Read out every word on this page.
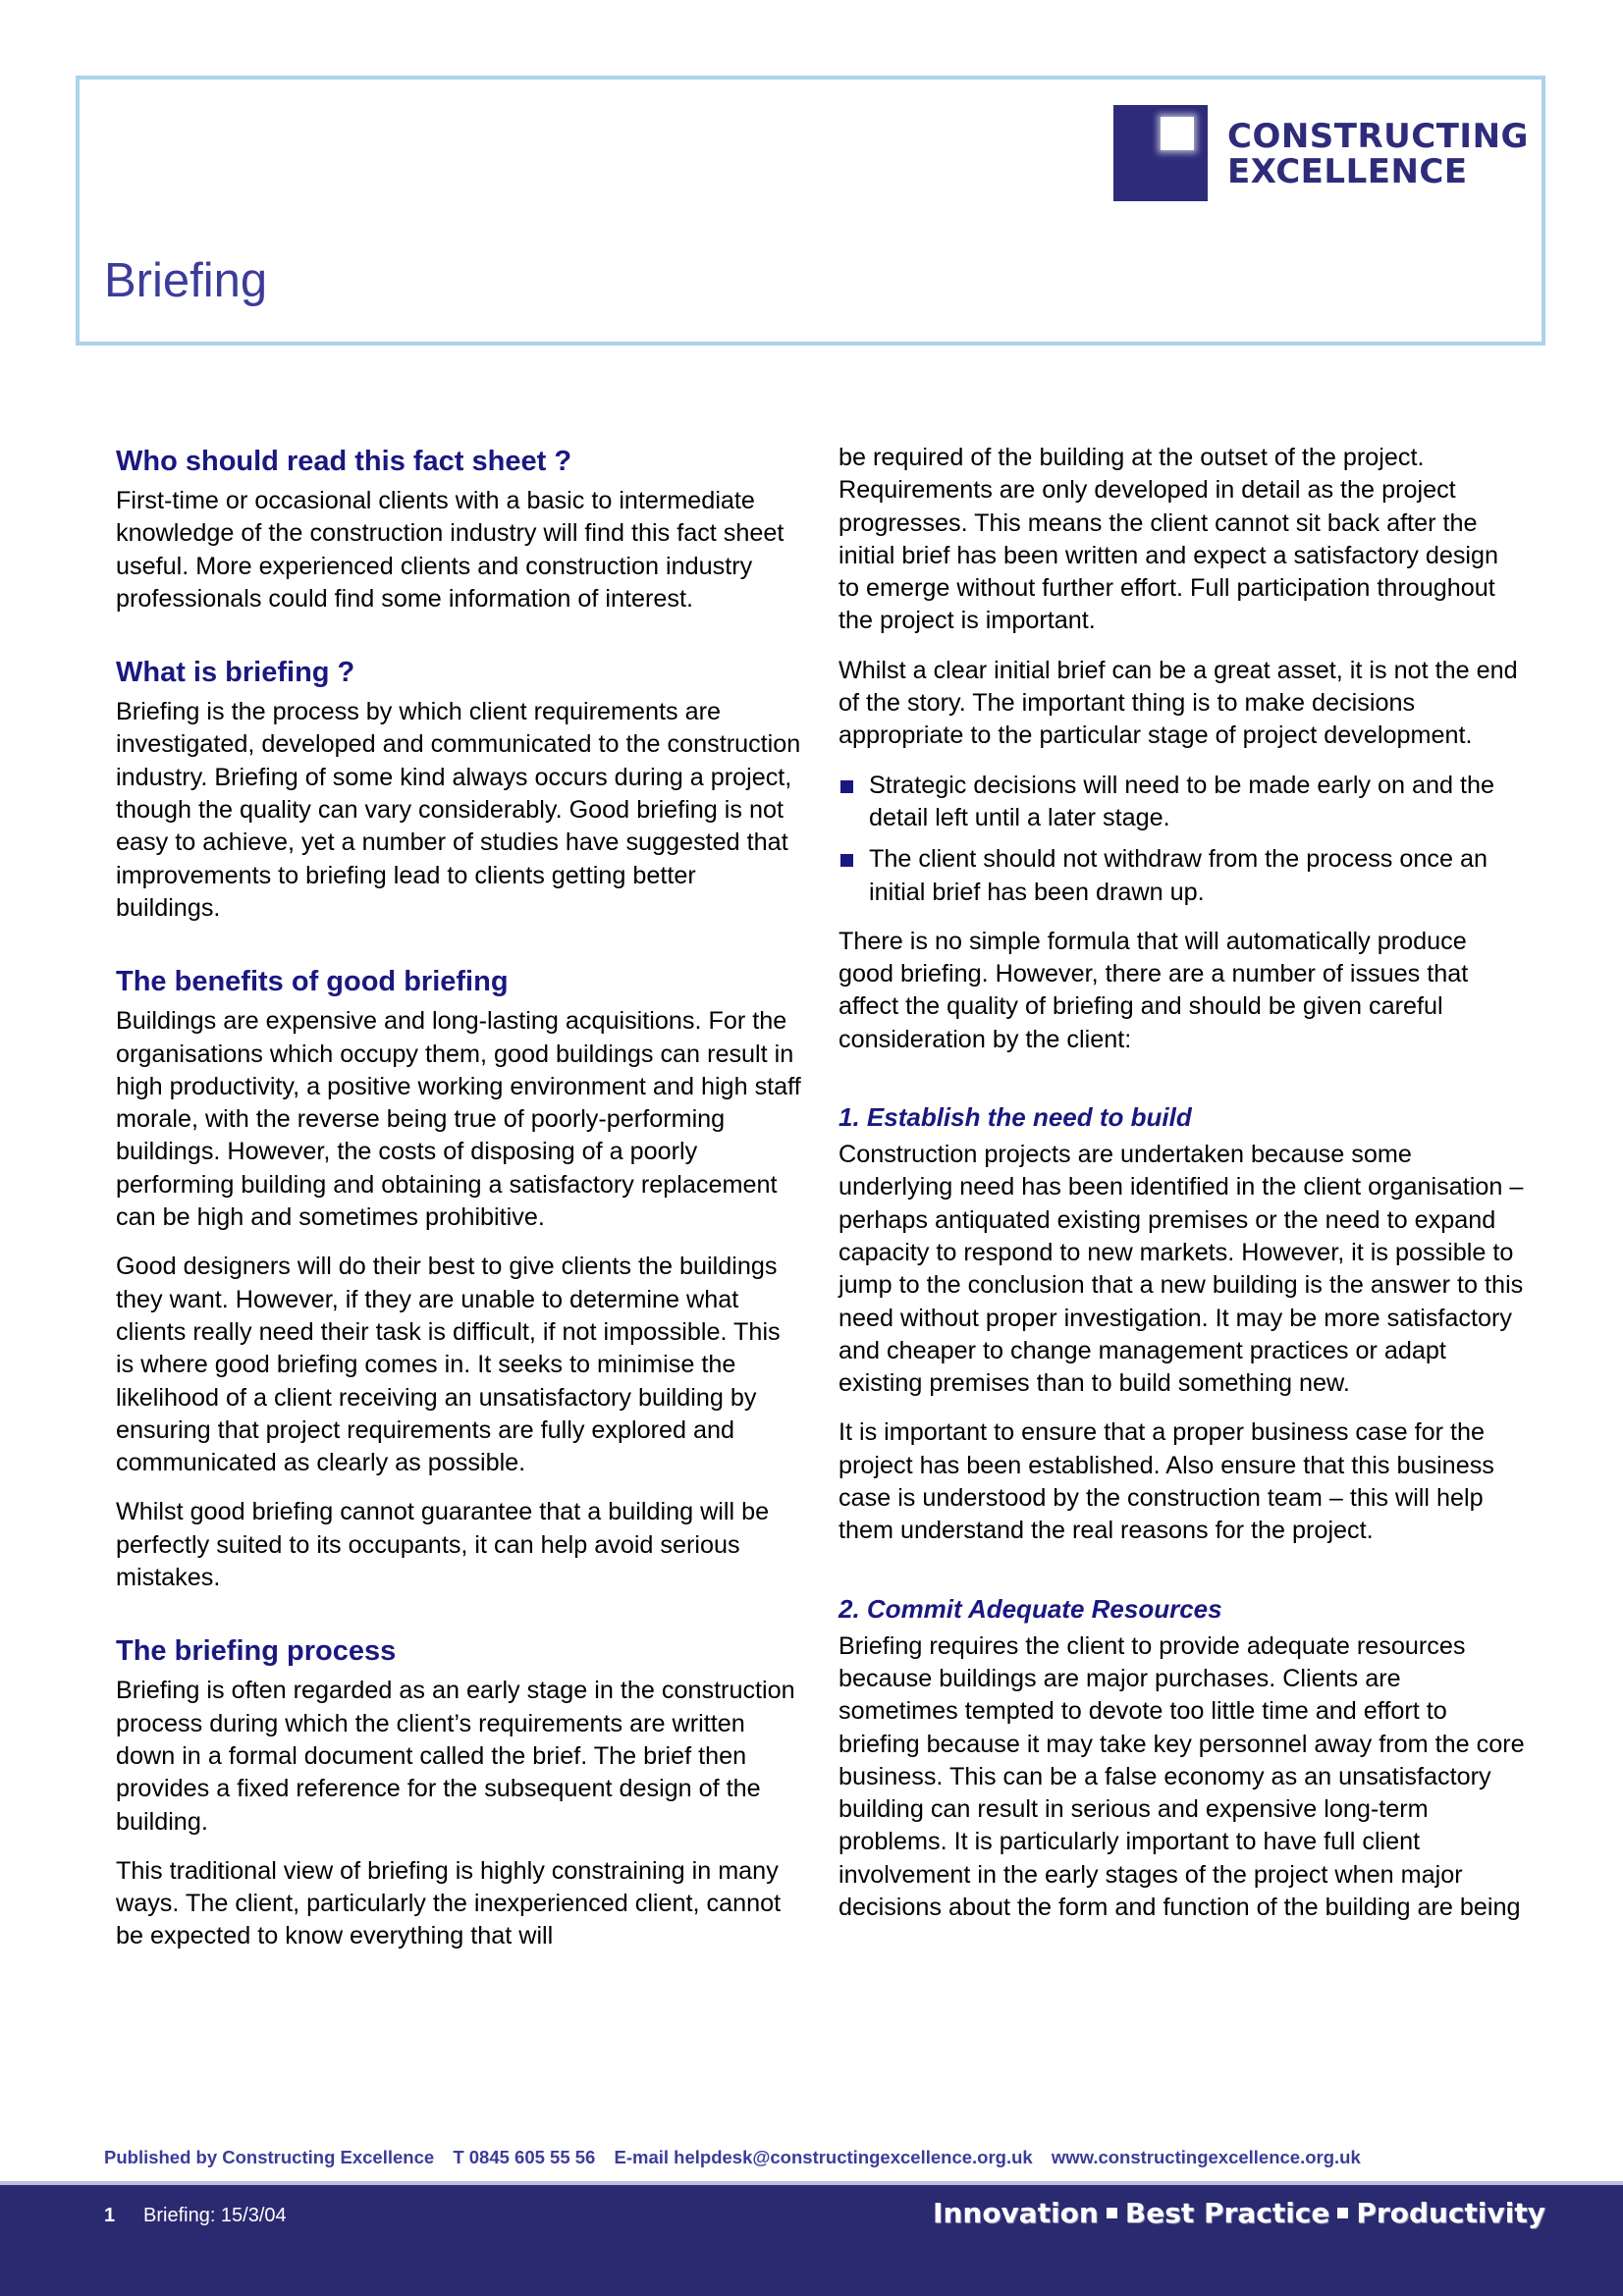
CONSTRUCTING
EXCELLENCE
Briefing
Who should read this fact sheet ?

First-time or occasional clients with a basic to intermediate knowledge of the construction industry will find this fact sheet useful. More experienced clients and construction industry professionals could find some information of interest.

What is briefing ?

Briefing is the process by which client requirements are investigated, developed and communicated to the construction industry. Briefing of some kind always occurs during a project, though the quality can vary considerably. Good briefing is not easy to achieve, yet a number of studies have suggested that improvements to briefing lead to clients getting better buildings.

The benefits of good briefing

Buildings are expensive and long-lasting acquisitions. For the organisations which occupy them, good buildings can result in high productivity, a positive working environment and high staff morale, with the reverse being true of poorly-performing buildings. However, the costs of disposing of a poorly performing building and obtaining a satisfactory replacement can be high and sometimes prohibitive.

Good designers will do their best to give clients the buildings they want. However, if they are unable to determine what clients really need their task is difficult, if not impossible. This is where good briefing comes in. It seeks to minimise the likelihood of a client receiving an unsatisfactory building by ensuring that project requirements are fully explored and communicated as clearly as possible.

Whilst good briefing cannot guarantee that a building will be perfectly suited to its occupants, it can help avoid serious mistakes.

The briefing process

Briefing is often regarded as an early stage in the construction process during which the client’s requirements are written down in a formal document called the brief. The brief then provides a fixed reference for the subsequent design of the building.

This traditional view of briefing is highly constraining in many ways. The client, particularly the inexperienced client, cannot be expected to know everything that will

be required of the building at the outset of the project. Requirements are only developed in detail as the project progresses. This means the client cannot sit back after the initial brief has been written and expect a satisfactory design to emerge without further effort. Full participation throughout the project is important.

Whilst a clear initial brief can be a great asset, it is not the end of the story. The important thing is to make decisions appropriate to the particular stage of project development.

Strategic decisions will need to be made early on and the detail left until a later stage.
The client should not withdraw from the process once an initial brief has been drawn up.

There is no simple formula that will automatically produce good briefing. However, there are a number of issues that affect the quality of briefing and should be given careful consideration by the client:

1. Establish the need to build

Construction projects are undertaken because some underlying need has been identified in the client organisation – perhaps antiquated existing premises or the need to expand capacity to respond to new markets. However, it is possible to jump to the conclusion that a new building is the answer to this need without proper investigation. It may be more satisfactory and cheaper to change management practices or adapt existing premises than to build something new.

It is important to ensure that a proper business case for the project has been established. Also ensure that this business case is understood by the construction team – this will help them understand the real reasons for the project.

2. Commit Adequate Resources

Briefing requires the client to provide adequate resources because buildings are major purchases. Clients are sometimes tempted to devote too little time and effort to briefing because it may take key personnel away from the core business. This can be a false economy as an unsatisfactory building can result in serious and expensive long-term problems. It is particularly important to have full client involvement in the early stages of the project when major decisions about the form and function of the building are being

Published by Constructing Excellence T 0845 605 55 56 E-mail helpdesk@constructingexcellence.org.uk www.constructingexcellence.org.uk

1 Briefing: 15/3/04	Innovation Best Practice Productivity
